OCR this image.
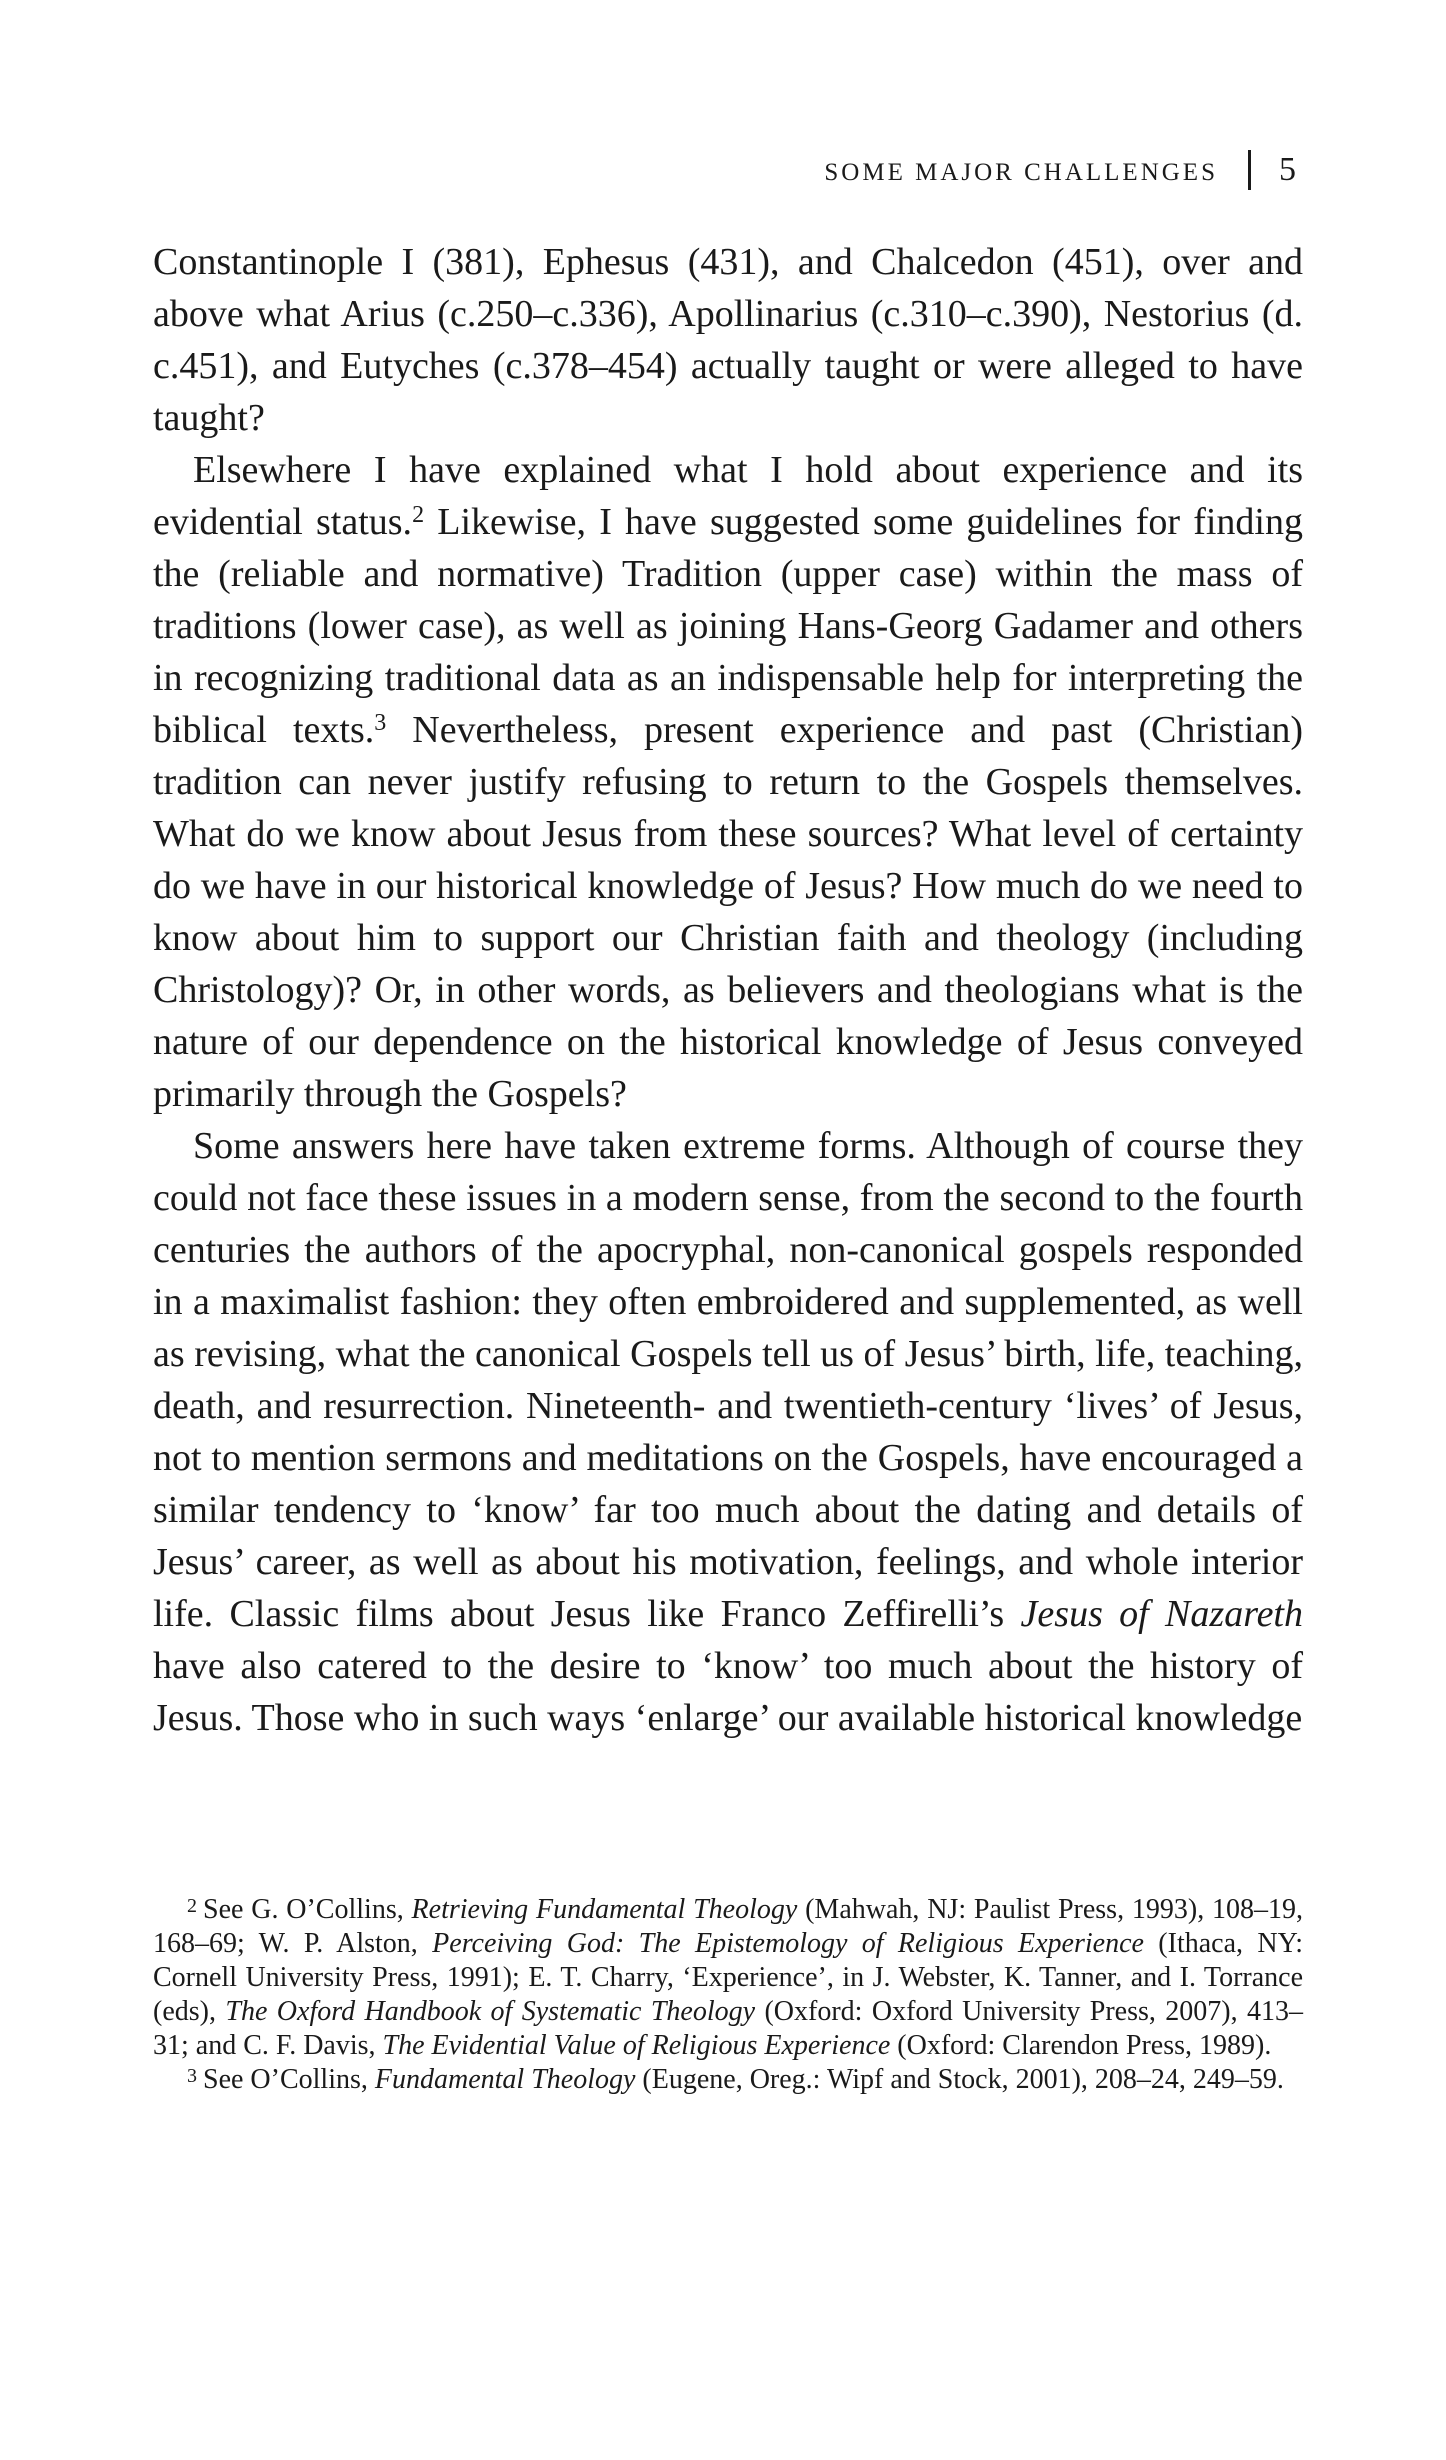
SOME MAJOR CHALLENGES 5

Constantinople I (381), Ephesus (431), and Chalcedon (451), over and above what Arius (c.250–c.336), Apollinarius (c.310–c.390), Nestorius (d. c.451), and Eutyches (c.378–454) actually taught or were alleged to have taught?

Elsewhere I have explained what I hold about experience and its evidential status.$^2$ Likewise, I have suggested some guidelines for finding the (reliable and normative) Tradition (upper case) within the mass of traditions (lower case), as well as joining Hans-Georg Gadamer and others in recognizing traditional data as an indispensable help for interpreting the biblical texts.$^3$ Nevertheless, present experience and past (Christian) tradition can never justify refusing to return to the Gospels themselves. What do we know about Jesus from these sources? What level of certainty do we have in our historical knowledge of Jesus? How much do we need to know about him to support our Christian faith and theology (including Christology)? Or, in other words, as believers and theologians what is the nature of our dependence on the historical knowledge of Jesus conveyed primarily through the Gospels?

Some answers here have taken extreme forms. Although of course they could not face these issues in a modern sense, from the second to the fourth centuries the authors of the apocryphal, non-canonical gospels responded in a maximalist fashion: they often embroidered and supplemented, as well as revising, what the canonical Gospels tell us of Jesus’ birth, life, teaching, death, and resurrection. Nineteenth- and twentieth-century ‘lives’ of Jesus, not to mention sermons and meditations on the Gospels, have encouraged a similar tendency to ‘know’ far too much about the dating and details of Jesus’ career, as well as about his motivation, feelings, and whole interior life. Classic films about Jesus like Franco Zeffirelli’s Jesus of Nazareth have also catered to the desire to ‘know’ too much about the history of Jesus. Those who in such ways ‘enlarge’ our available historical knowledge

$^2$ See G. O’Collins, Retrieving Fundamental Theology (Mahwah, NJ: Paulist Press, 1993), 108–19, 168–69; W. P. Alston, Perceiving God: The Epistemology of Religious Experience (Ithaca, NY: Cornell University Press, 1991); E. T. Charry, ‘Experience’, in J. Webster, K. Tanner, and I. Torrance (eds), The Oxford Handbook of Systematic Theology (Oxford: Oxford University Press, 2007), 413–31; and C. F. Davis, The Evidential Value of Religious Experience (Oxford: Clarendon Press, 1989).

$^3$ See O’Collins, Fundamental Theology (Eugene, Oreg.: Wipf and Stock, 2001), 208–24, 249–59.
